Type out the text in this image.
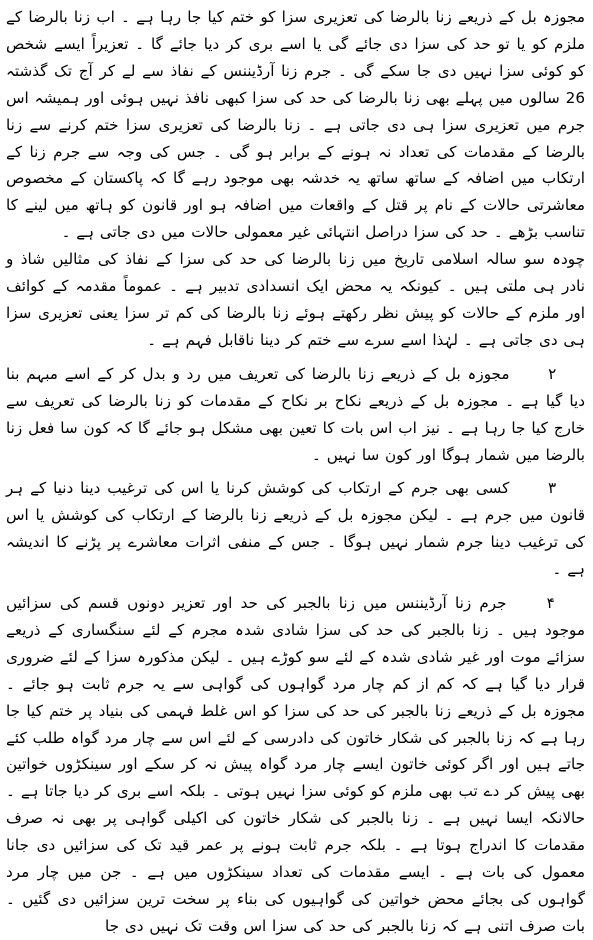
مجوزہ بل کے ذریعے زنا بالرضا کی تعزیری سزا کو ختم کیا جا رہا ہے ۔ اب زنا بالرضا کے ملزم کو یا تو حد کی سزا دی جائے گی یا اسے بری کر دیا جائے گا ۔ تعزیراً ایسے شخص کو کوئی سزا نہیں دی جا سکے گی ۔ جرم زنا آرڈیننس کے نفاذ سے لے کر آج تک گذشتہ 26 سالوں میں پہلے بھی زنا بالرضا کی حد کی سزا کبھی نافذ نہیں ہوئی اور ہمیشہ اس جرم میں تعزیری سزا ہی دی جاتی ہے ۔ زنا بالرضا کی تعزیری سزا ختم کرنے سے زنا بالرضا کے مقدمات کی تعداد نہ ہونے کے برابر ہو گی ۔ جس کی وجہ سے جرم زنا کے ارتکاب میں اضافہ کے ساتھ ساتھ یہ خدشہ بھی موجود رہے گا کہ پاکستان کے مخصوص معاشرتی حالات کے نام پر قتل کے واقعات میں اضافہ ہو اور قانون کو ہاتھ میں لینے کا تناسب بڑھے ۔ حد کی سزا دراصل انتہائی غیر معمولی حالات میں دی جاتی ہے ۔

چودہ سو سالہ اسلامی تاریخ میں زنا بالرضا کی حد کی سزا کے نفاذ کی مثالیں شاذ و نادر ہی ملتی ہیں ۔ کیونکہ یہ محض ایک انسدادی تدبیر ہے ۔ عموماً مقدمہ کے کوائف اور ملزم کے حالات کو پیش نظر رکھتے ہوئے زنا بالرضا کی کم تر سزا یعنی تعزیری سزا ہی دی جاتی ہے ۔ لہٰذا اسے سرے سے ختم کر دینا ناقابل فہم ہے ۔

۲ مجوزہ بل کے ذریعے زنا بالرضا کی تعریف میں رد و بدل کر کے اسے مبہم بنا دیا گیا ہے ۔ مجوزہ بل کے ذریعے نکاح بر نکاح کے مقدمات کو زنا بالرضا کی تعریف سے خارج کیا جا رہا ہے ۔ نیز اب اس بات کا تعین بھی مشکل ہو جائے گا کہ کون سا فعل زنا بالرضا میں شمار ہوگا اور کون سا نہیں ۔

۳ کسی بھی جرم کے ارتکاب کی کوشش کرنا یا اس کی ترغیب دینا دنیا کے ہر قانون میں جرم ہے ۔ لیکن مجوزہ بل کے ذریعے زنا بالرضا کے ارتکاب کی کوشش یا اس کی ترغیب دینا جرم شمار نہیں ہوگا ۔ جس کے منفی اثرات معاشرے پر پڑنے کا اندیشہ ہے ۔

۴ جرم زنا آرڈیننس میں زنا بالجبر کی حد اور تعزیر دونوں قسم کی سزائیں موجود ہیں ۔ زنا بالجبر کی حد کی سزا شادی شدہ مجرم کے لئے سنگساری کے ذریعے سزائے موت اور غیر شادی شدہ کے لئے سو کوڑے ہیں ۔ لیکن مذکورہ سزا کے لئے ضروری قرار دیا گیا ہے کہ کم از کم چار مرد گواہوں کی گواہی سے یہ جرم ثابت ہو جائے ۔ مجوزہ بل کے ذریعے زنا بالجبر کی حد کی سزا کو اس غلط فہمی کی بنیاد پر ختم کیا جا رہا ہے کہ زنا بالجبر کی شکار خاتون کی دادرسی کے لئے اس سے چار مرد گواہ طلب کئے جاتے ہیں اور اگر کوئی خاتون ایسے چار مرد گواہ پیش نہ کر سکے اور سینکڑوں خواتین بھی پیش کر دے تب بھی ملزم کو کوئی سزا نہیں ہوتی ۔ بلکہ اسے بری کر دیا جاتا ہے ۔ حالانکہ ایسا نہیں ہے ۔ زنا بالجبر کی شکار خاتون کی اکیلی گواہی پر بھی نہ صرف مقدمات کا اندراج ہوتا ہے ۔ بلکہ جرم ثابت ہونے پر عمر قید تک کی سزائیں دی جانا معمول کی بات ہے ۔ ایسے مقدمات کی تعداد سینکڑوں میں ہے ۔ جن میں چار مرد گواہوں کی بجائے محض خواتین کی گواہیوں کی بناء پر سخت ترین سزائیں دی گئیں ۔ بات صرف اتنی ہے کہ زنا بالجبر کی حد کی سزا اس وقت تک نہیں دی جا
